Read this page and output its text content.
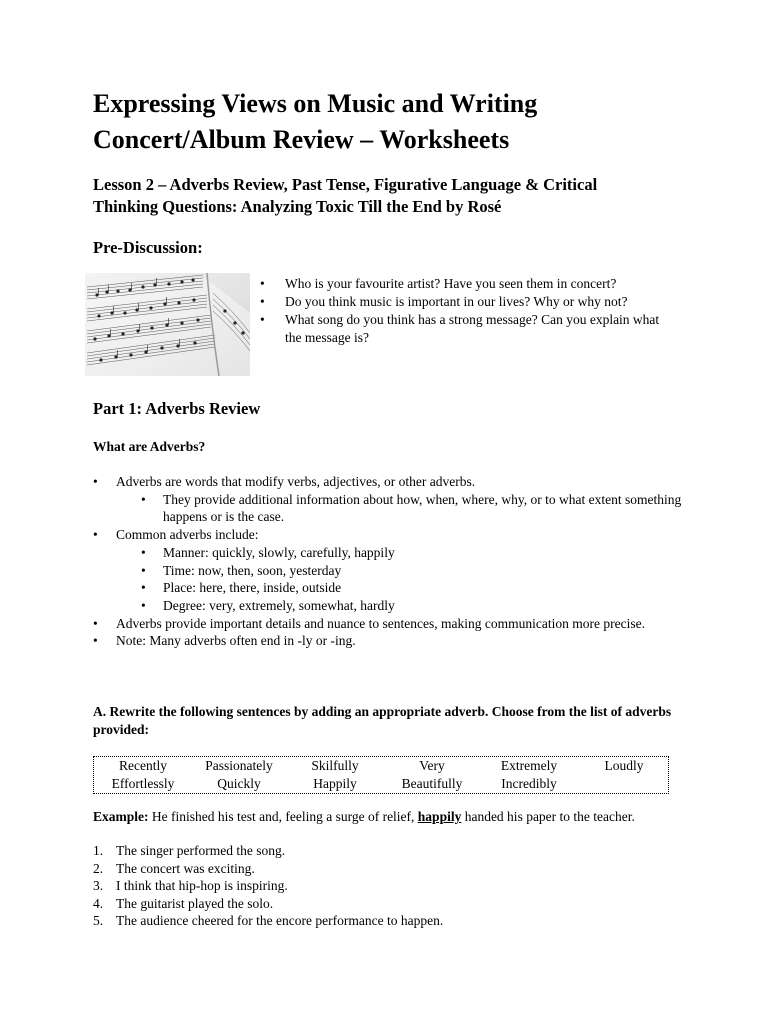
Expressing Views on Music and Writing
Concert/Album Review – Worksheets
Lesson 2 – Adverbs Review, Past Tense, Figurative Language & Critical
Thinking Questions: Analyzing Toxic Till the End by Rosé
Pre-Discussion:
• Who is your favourite artist? Have you seen them in concert?
• Do you think music is important in our lives? Why or why not?
• What song do you think has a strong message? Can you explain what the message is?
Part 1: Adverbs Review
What are Adverbs?
• Adverbs are words that modify verbs, adjectives, or other adverbs.
• They provide additional information about how, when, where, why, or to what extent something happens or is the case.
• Common adverbs include:
• Manner: quickly, slowly, carefully, happily
• Time: now, then, soon, yesterday
• Place: here, there, inside, outside
• Degree: very, extremely, somewhat, hardly
• Adverbs provide important details and nuance to sentences, making communication more precise.
• Note: Many adverbs often end in -ly or -ing.

A. Rewrite the following sentences by adding an appropriate adverb. Choose from the list of adverbs provided:

Recently	Passionately	Skilfully	Very	Extremely	Loudly
Effortlessly	Quickly	Happily	Beautifully	Incredibly

Example: He finished his test and, feeling a surge of relief, happily handed his paper to the teacher.

1. The singer performed the song.
2. The concert was exciting.
3. I think that hip-hop is inspiring.
4. The guitarist played the solo.
5. The audience cheered for the encore performance to happen.
